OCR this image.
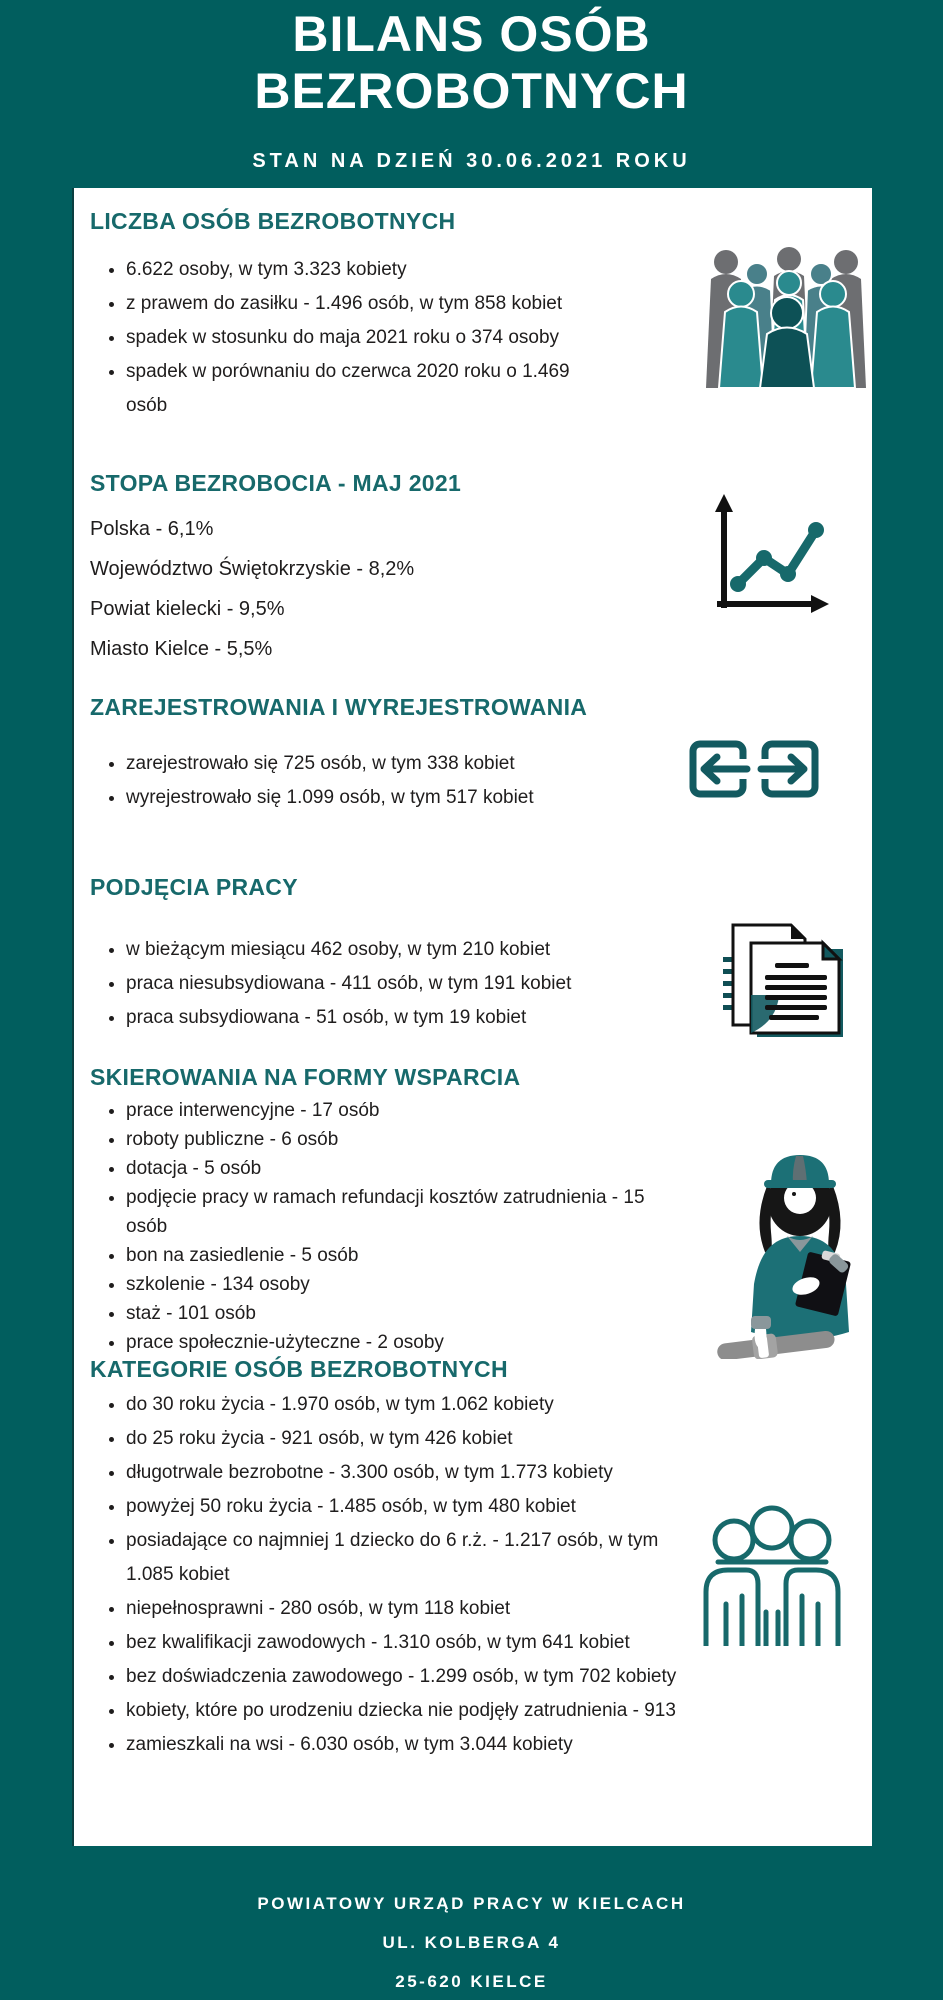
BILANS OSÓB
BEZROBOTNYCH
STAN NA DZIEŃ 30.06.2021 ROKU
LICZBA OSÓB BEZROBOTNYCH
• 6.622 osoby, w tym 3.323 kobiety
• z prawem do zasiłku - 1.496 osób, w tym 858 kobiet
• spadek w stosunku do maja 2021 roku o 374 osoby
• spadek w porównaniu do czerwca 2020 roku o 1.469 osób
STOPA BEZROBOCIA - MAJ 2021
Polska - 6,1%
Województwo Świętokrzyskie - 8,2%
Powiat kielecki - 9,5%
Miasto Kielce - 5,5%
ZAREJESTROWANIA I WYREJESTROWANIA
• zarejestrowało się 725 osób, w tym 338 kobiet
• wyrejestrowało się 1.099 osób, w tym 517 kobiet
PODJĘCIA PRACY
• w bieżącym miesiącu 462 osoby, w tym 210 kobiet
• praca niesubsydiowana - 411 osób, w tym 191 kobiet
• praca subsydiowana - 51 osób, w tym 19 kobiet
SKIEROWANIA NA FORMY WSPARCIA
• prace interwencyjne - 17 osób
• roboty publiczne - 6 osób
• dotacja - 5 osób
• podjęcie pracy w ramach refundacji kosztów zatrudnienia - 15 osób
• bon na zasiedlenie - 5 osób
• szkolenie - 134 osoby
• staż - 101 osób
• prace społecznie-użyteczne - 2 osoby
KATEGORIE OSÓB BEZROBOTNYCH
• do 30 roku życia - 1.970 osób, w tym 1.062 kobiety
• do 25 roku życia - 921 osób, w tym 426 kobiet
• długotrwale bezrobotne - 3.300 osób, w tym 1.773 kobiety
• powyżej 50 roku życia - 1.485 osób, w tym 480 kobiet
• posiadające co najmniej 1 dziecko do 6 r.ż. - 1.217 osób, w tym 1.085 kobiet
• niepełnosprawni - 280 osób, w tym 118 kobiet
• bez kwalifikacji zawodowych - 1.310 osób, w tym 641 kobiet
• bez doświadczenia zawodowego - 1.299 osób, w tym 702 kobiety
• kobiety, które po urodzeniu dziecka nie podjęły zatrudnienia - 913
• zamieszkali na wsi - 6.030 osób, w tym 3.044 kobiety
POWIATOWY URZĄD PRACY W KIELCACH
UL. KOLBERGA 4
25-620 KIELCE
